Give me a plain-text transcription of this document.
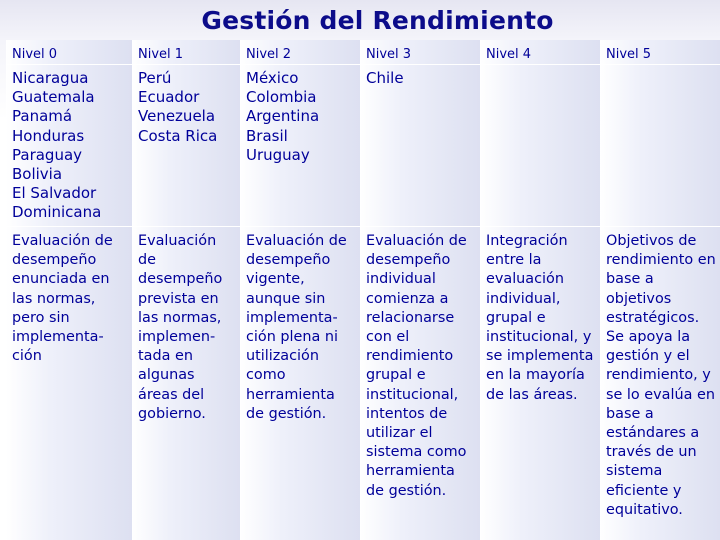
Gestión del Rendimiento
Nivel 0
Nicaragua
Guatemala
Panamá
Honduras
Paraguay
Bolivia
El Salvador
Dominicana
Evaluación de
desempeño
enunciada en
las normas,
pero sin
implementa-
ción
Nivel 1
Perú
Ecuador
Venezuela
Costa Rica
Evaluación
de
desempeño
prevista en
las normas,
implemen-
tada en
algunas
áreas del
gobierno.
Nivel 2
México
Colombia
Argentina
Brasil
Uruguay
Evaluación de
desempeño
vigente,
aunque sin
implementa-
ción plena ni
utilización
como
herramienta
de gestión.
Nivel 3
Chile
Evaluación de
desempeño
individual
comienza a
relacionarse
con el
rendimiento
grupal e
institucional,
intentos de
utilizar el
sistema como
herramienta
de gestión.
Nivel 4
Integración
entre la
evaluación
individual,
grupal e
institucional, y
se implementa
en la mayoría
de las áreas.
Nivel 5
Objetivos de
rendimiento en
base a
objetivos
estratégicos.
Se apoya la
gestión y el
rendimiento, y
se lo evalúa en
base a
estándares a
través de un
sistema
eficiente y
equitativo.
